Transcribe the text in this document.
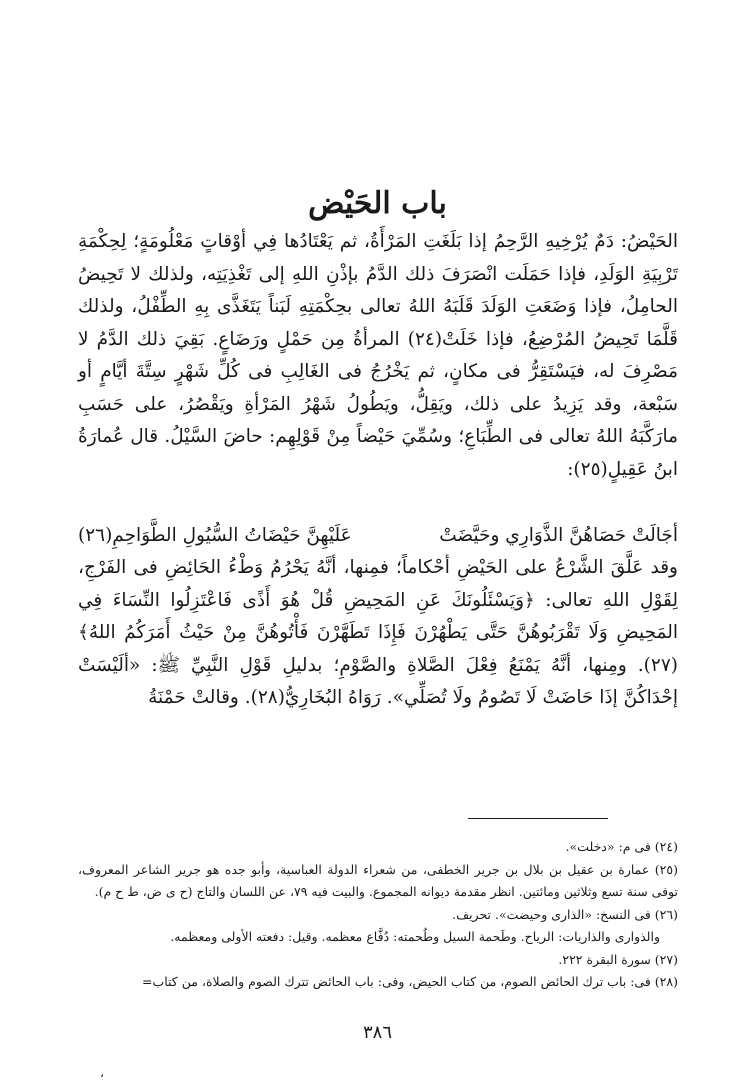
باب الحَيْض

الحَيْضُ: دَمٌ يُرْخِيهِ الرَّحِمُ إذا بَلَغَتِ المَرْأَةُ، ثم يَعْتَادُها فِي أوْقاتٍ مَعْلُومَةٍ؛ لِحِكْمَةِ تَرْبِيَةِ الوَلَدِ، فإذا حَمَلَت انْصَرَفَ ذلك الدَّمُ بإذْنِ اللهِ إلى تَغْذِيَتِه، ولذلك لا تَحِيضُ الحامِلُ، فإذا وَضَعَتِ الوَلَدَ قَلَبَهُ اللهُ تعالى بحِكْمَتِهِ لَبَناً يَتَغَذَّى بِهِ الطِّفْلُ، ولذلك قَلَّمَا تَحِيضُ المُرْضِعُ، فإذا خَلَتْ(٢٤) المرأةُ مِن حَمْلٍ ورَضَاعٍ. بَقِيَ ذلك الدَّمُ لا مَصْرِفَ له، فيَسْتَقِرُّ فى مكانٍ، ثم يَخْرُجُ فى الغَالِبِ فى كُلِّ شَهْرٍ سِتَّةَ أيَّامٍ أو سَبْعة، وقد يَزِيدُ على ذلك، ويَقِلُّ، ويَطُولُ شَهْرُ المَرْأةِ ويَقْصُرُ، على حَسَبِ مارَكَّبَهُ اللهُ تعالى فى الطِّبَاعِ؛ وسُمِّيَ حَيْضاً مِنْ قَوْلِهِم: حاضَ السَّيْلُ. قال عُمارَةُ ابنُ عَقِيلٍ(٢٥):

أجَالَتْ حَصَاهُنَّ الذَّوَارِي وحَيَّضَتْ
عَلَيْهِنَّ حَيْضَاتُ السُّيُولِ الطَّوَاحِمِ(٢٦)

وقد عَلَّقَ الشَّرْعُ على الحَيْضِ أحْكاماً؛ فمِنها، أنَّهُ يَحْرُمُ وَطْءُ الحَائِضِ فى الفَرْجِ، لِقَوْلِ اللهِ تعالى: ﴿وَيَسْئَلُونَكَ عَنِ المَحِيضِ قُلْ هُوَ أَذًى فَاعْتَزِلُوا النِّسَاءَ فِي المَحِيضِ وَلَا تَقْرَبُوهُنَّ حَتَّى يَطْهُرْنَ فَإِذَا تَطَهَّرْنَ فَأْتُوهُنَّ مِنْ حَيْثُ أَمَرَكُمُ اللهُ﴾(٢٧). ومِنها، أنَّهُ يَمْنَعُ فِعْلَ الصَّلاةِ والصَّوْمِ؛ بدليلِ قَوْلِ النَّبِيِّ ﷺ: «ألَيْسَتْ إحْدَاكُنَّ إذَا حَاضَتْ لَا تَصُومُ ولَا تُصَلِّي». رَوَاهُ البُخَارِيُّ(٢٨). وقالتْ حَمْنَةُ

(٢٤) فى م: «دخلت».

(٢٥) عمارة بن عقيل بن بلال بن جرير الخطفى، من شعراء الدولة العباسية، وأبو جده هو جرير الشاعر المعروف، توفى سنة تسع وثلاثين ومائتين. انظر مقدمة ديوانه المجموع. والبيت فيه ٧٩، عن اللسان والتاج (ح ى ض، ط ح م).

(٢٦) فى النسخ: «الذارى وحيضت». تحريف.

والذوارى والذاريات: الرياح. وطَحمة السيل وطُحمته: دُفَّاع معظمه. وقيل: دفعته الأولى ومعظمه.

(٢٧) سورة البقرة ٢٢٢.

(٢٨) فى: باب ترك الحائض الصوم، من كتاب الحيض، وفى: باب الحائض تترك الصوم والصلاة، من كتاب=

٣٨٦
،
